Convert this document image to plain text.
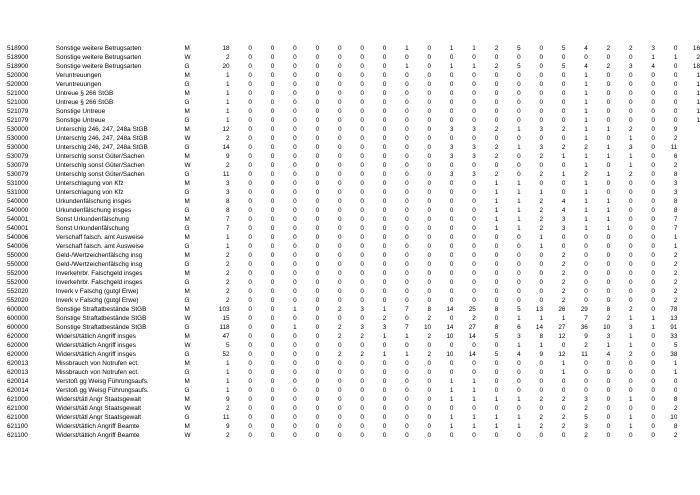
518900	Sonstige weitere Betrugsarten	M	18	0	0	0	0	0	0	0	1	0	1	1	2	5	0	5	4	2	2	3	0	16
518900	Sonstige weitere Betrugsarten	W	2	0	0	0	0	0	0	0	0	0	0	0	0	0	0	0	0	0	0	1	1	2
518900	Sonstige weitere Betrugsarten	G	20	0	0	0	0	0	0	0	1	0	1	1	2	5	0	5	4	2	3	4	0	18
520000	Veruntreuungen	M	1	0	0	0	0	0	0	0	0	0	0	0	0	0	0	0	1	0	0	0	0	1
520000	Veruntreuungen	G	1	0	0	0	0	0	0	0	0	0	0	0	0	0	0	0	1	0	0	0	0	1
521000	Untreue § 266 StGB	M	1	0	0	0	0	0	0	0	0	0	0	0	0	0	0	0	1	0	0	0	0	1
521000	Untreue § 266 StGB	G	1	0	0	0	0	0	0	0	0	0	0	0	0	0	0	0	1	0	0	0	0	1
521079	Sonstige Untreue	M	1	0	0	0	0	0	0	0	0	0	0	0	0	0	0	0	1	0	0	0	0	1
521079	Sonstige Untreue	G	1	0	0	0	0	0	0	0	0	0	0	0	0	0	0	0	1	0	0	0	0	1
530000	Unterschlg 246, 247, 248a StGB	M	12	0	0	0	0	0	0	0	0	0	3	3	2	1	3	2	1	1	2	0	9	
530000	Unterschlg 246, 247, 248a StGB	W	2	0	0	0	0	0	0	0	0	0	0	0	0	0	0	0	1	0	1	0	2	
530000	Unterschlg 246, 247, 248a StGB	G	14	0	0	0	0	0	0	0	0	0	3	3	2	1	3	2	2	1	3	0	11	
530079	Unterschlg sonst Güter/Sachen	M	9	0	0	0	0	0	0	0	0	0	3	3	2	0	2	1	1	1	1	0	6	
530079	Unterschlg sonst Güter/Sachen	W	2	0	0	0	0	0	0	0	0	0	0	0	0	0	0	0	1	0	1	0	2	
530079	Unterschlg sonst Güter/Sachen	G	11	0	0	0	0	0	0	0	0	0	3	3	2	0	2	1	2	1	2	0	8	
531000	Unterschlagung von Kfz	M	3	0	0	0	0	0	0	0	0	0	0	0	1	1	0	0	1	0	0	0	3	
531000	Unterschlagung von Kfz	G	3	0	0	0	0	0	0	0	0	0	0	0	1	1	1	0	1	0	0	0	3	
540000	Urkundenfälschung insges	M	8	0	0	0	0	0	0	0	0	0	0	0	1	1	2	4	1	1	0	0	8	
540000	Urkundenfälschung insges	G	8	0	0	0	0	0	0	0	0	0	0	0	1	1	2	4	1	1	0	0	8	
540001	Sonst Urkundenfälschung	M	7	0	0	0	0	0	0	0	0	0	0	0	1	1	2	3	1	1	0	0	7	
540001	Sonst Urkundenfälschung	G	7	0	0	0	0	0	0	0	0	0	0	0	1	1	2	3	1	1	0	0	7	
540006	Verschaff falsch. amt Ausweise	M	1	0	0	0	0	0	0	0	0	0	0	0	0	0	1	0	0	0	0	0	1	
540006	Verschaff falsch. amt Ausweise	G	1	0	0	0	0	0	0	0	0	0	0	0	0	0	1	0	0	0	0	0	1	
550000	Geld-/Wertzeichenfälschg insg	M	2	0	0	0	0	0	0	0	0	0	0	0	0	0	0	2	0	0	0	0	2	
550000	Geld-/Wertzeichenfälschg insg	G	2	0	0	0	0	0	0	0	0	0	0	0	0	0	0	2	0	0	0	0	2	
552000	Inverkehrbr. Falschgeld insges	M	2	0	0	0	0	0	0	0	0	0	0	0	0	0	0	2	0	0	0	0	2	
552000	Inverkehrbr. Falschgeld insges	G	2	0	0	0	0	0	0	0	0	0	0	0	0	0	0	2	0	0	0	0	2	
552020	Inverk v Falschg (gutgl Erwe)	M	2	0	0	0	0	0	0	0	0	0	0	0	0	0	0	2	0	0	0	0	2	
552020	Inverk v Falschg (gutgl Erwe)	G	2	0	0	0	0	0	0	0	0	0	0	0	0	0	0	2	0	0	0	0	2	
600000	Sonstige Straftatbestände StGB	M	103	0	0	1	0	2	3	1	7	8	14	25	8	5	13	26	29	8	2	0	78	
600000	Sonstige Straftatbestände StGB	W	15	0	0	0	0	0	0	2	0	2	0	2	0	1	1	1	7	2	1	1	13	
600000	Sonstige Straftatbestände StGB	G	118	0	0	1	0	2	3	3	7	10	14	27	8	6	14	27	36	10	3	1	91	
620000	Widerst/tätlich Angriff insges	M	47	0	0	0	0	2	2	1	1	2	10	14	5	3	8	12	9	3	1	0	33	
620000	Widerst/tätlich Angriff insges	W	5	0	0	0	0	0	0	0	0	0	0	0	0	1	1	0	2	1	1	0	5	
620000	Widerst/tätlich Angriff insges	G	52	0	0	0	0	2	2	1	1	2	10	14	5	4	9	12	11	4	2	0	38	
620013	Missbrauch von Notrufen ect.	M	1	0	0	0	0	0	0	0	0	0	0	0	0	0	0	1	0	0	0	0	1	
620013	Missbrauch von Notrufen ect.	G	1	0	0	0	0	0	0	0	0	0	0	0	0	0	0	1	0	0	0	0	1	
620014	Verstoß gg Weisg Führungsaufs.	M	1	0	0	0	0	0	0	0	0	0	1	1	0	0	0	0	0	0	0	0	0	
620014	Verstoß gg Weisg Führungsaufs.	G	1	0	0	0	0	0	0	0	0	0	1	1	0	0	0	0	0	0	0	0	0	
621000	Widerst/tätl Angr Staatsgewalt	M	9	0	0	0	0	0	0	0	0	0	1	1	1	1	2	2	3	0	1	0	8	
621000	Widerst/tätl Angr Staatsgewalt	W	2	0	0	0	0	0	0	0	0	0	0	0	0	0	0	0	2	0	0	0	2	
621000	Widerst/tätl Angr Staatsgewalt	G	11	0	0	0	0	0	0	0	0	0	1	1	1	1	2	2	5	0	1	0	10	
621100	Widerst/tätlich Angriff Beamte	M	9	0	0	0	0	0	0	0	0	0	1	1	1	1	2	2	3	0	1	0	8	
621100	Widerst/tätlich Angriff Beamte	W	2	0	0	0	0	0	0	0	0	0	0	0	0	0	0	0	2	0	0	0	2	
